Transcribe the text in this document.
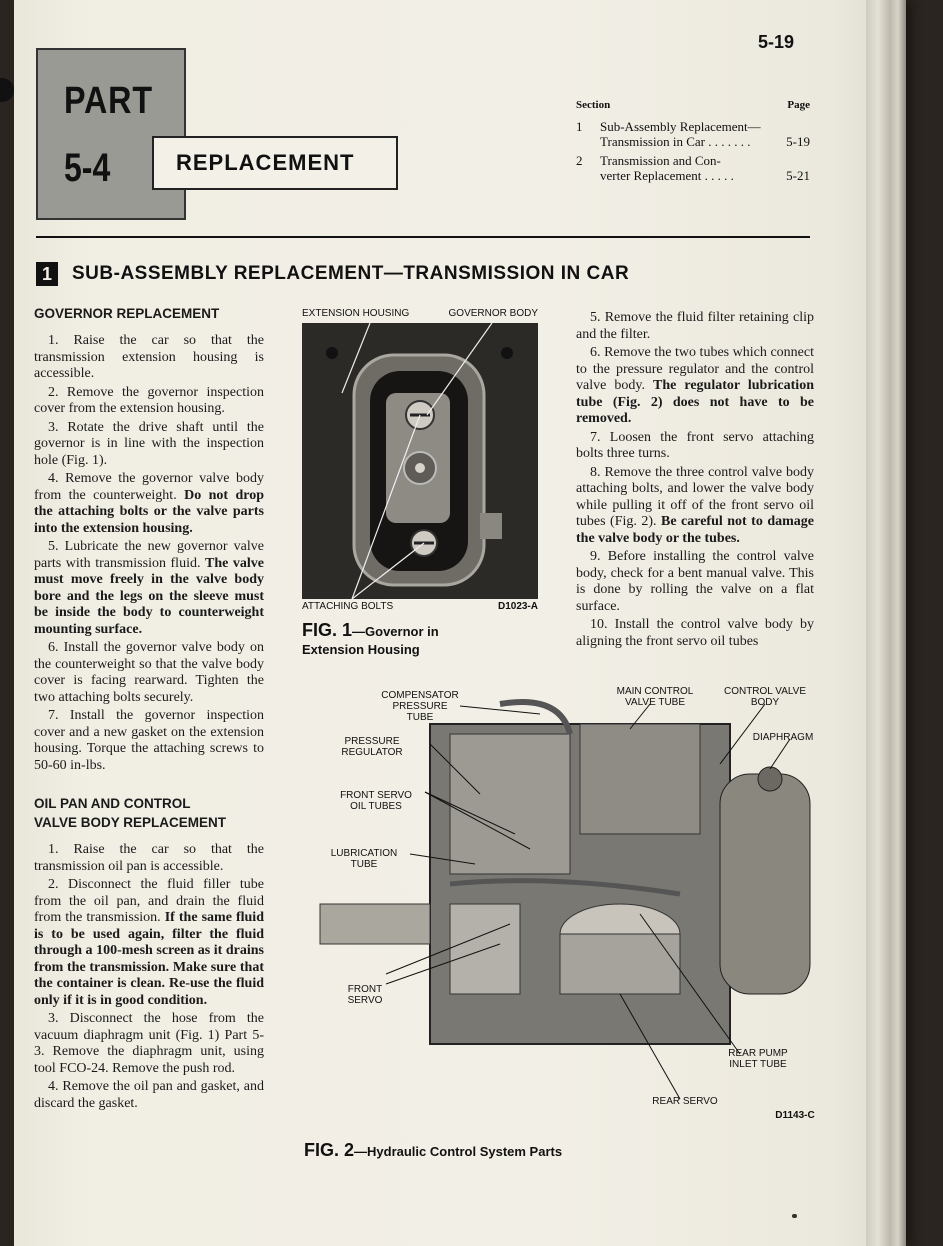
5-19
PART
5-4	REPLACEMENT
Section	Page
1	Sub-Assembly Replacement—
Transmission in Car . . . . . . .	5-19
2	Transmission and Con-
verter Replacement . . . . .	5-21
1	SUB-ASSEMBLY REPLACEMENT—TRANSMISSION IN CAR

GOVERNOR REPLACEMENT

1. Raise the car so that the transmission extension housing is accessible.

2. Remove the governor inspection cover from the extension housing.

3. Rotate the drive shaft until the governor is in line with the inspection hole (Fig. 1).

4. Remove the governor valve body from the counterweight. Do not drop the attaching bolts or the valve parts into the extension housing.

5. Lubricate the new governor valve parts with transmission fluid. The valve must move freely in the valve body bore and the legs on the sleeve must be inside the body to counterweight mounting surface.

6. Install the governor valve body on the counterweight so that the valve body cover is facing rearward. Tighten the two attaching bolts securely.

7. Install the governor inspection cover and a new gasket on the extension housing. Torque the attaching screws to 50-60 in-lbs.

OIL PAN AND CONTROL
VALVE BODY REPLACEMENT

1. Raise the car so that the transmission oil pan is accessible.

2. Disconnect the fluid filler tube from the oil pan, and drain the fluid from the transmission. If the same fluid is to be used again, filter the fluid through a 100-mesh screen as it drains from the transmission. Make sure that the container is clean. Re-use the fluid only if it is in good condition.

3. Disconnect the hose from the vacuum diaphragm unit (Fig. 1) Part 5-3. Remove the diaphragm unit, using tool FCO-24. Remove the push rod.

4. Remove the oil pan and gasket, and discard the gasket.

5. Remove the fluid filter retaining clip and the filter.

6. Remove the two tubes which connect to the pressure regulator and the control valve body. The regulator lubrication tube (Fig. 2) does not have to be removed.

7. Loosen the front servo attaching bolts three turns.

8. Remove the three control valve body attaching bolts, and lower the valve body while pulling it off of the front servo oil tubes (Fig. 2). Be careful not to damage the valve body or the tubes.

9. Before installing the control valve body, check for a bent manual valve. This is done by rolling the valve on a flat surface.

10. Install the control valve body by aligning the front servo oil tubes

EXTENSION HOUSING	GOVERNOR BODY
ATTACHING BOLTS	D1023-A
FIG. 1—Governor in Extension Housing
COMPENSATOR PRESSURE TUBE
MAIN CONTROL VALVE TUBE
CONTROL VALVE BODY
DIAPHRAGM
PRESSURE REGULATOR
FRONT SERVO OIL TUBES
LUBRICATION TUBE
FRONT SERVO
REAR PUMP INLET TUBE
REAR SERVO
D1143-C
FIG. 2—Hydraulic Control System Parts
